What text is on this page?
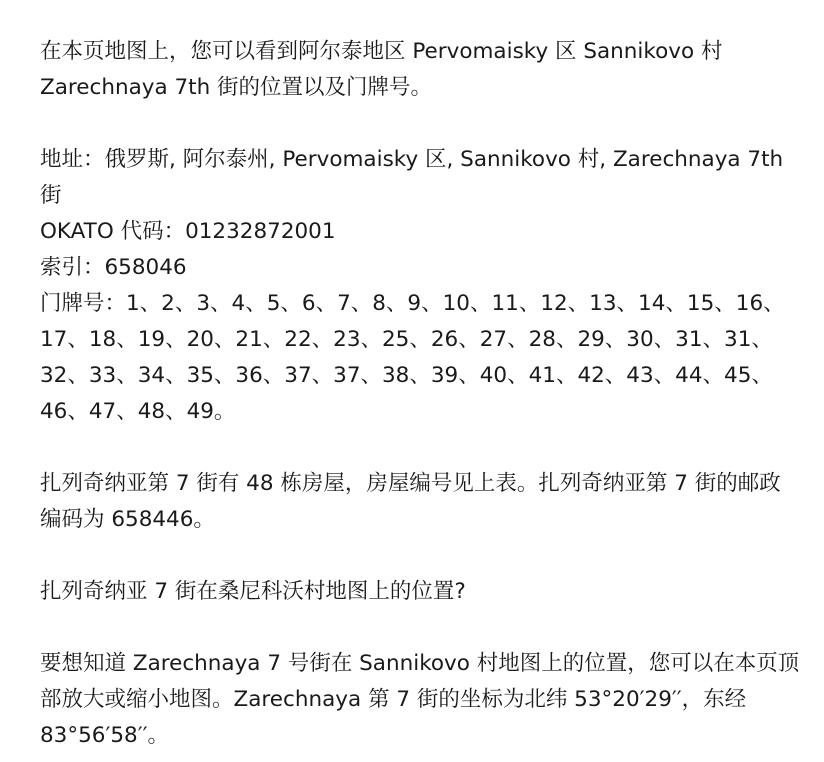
在本页地图上，您可以看到阿尔泰地区 Pervomaisky 区 Sannikovo 村 Zarechnaya 7th 街的位置以及门牌号。

地址：俄罗斯, 阿尔泰州, Pervomaisky 区, Sannikovo 村, Zarechnaya 7th 街
OKATO 代码：01232872001
索引：658046
门牌号：1、2、3、4、5、6、7、8、9、10、11、12、13、14、15、16、17、18、19、20、21、22、23、25、26、27、28、29、30、31、31、32、33、34、35、36、37、37、38、39、40、41、42、43、44、45、46、47、48、49。

扎列奇纳亚第 7 街有 48 栋房屋，房屋编号见上表。扎列奇纳亚第 7 街的邮政编码为 658446。

扎列奇纳亚 7 街在桑尼科沃村地图上的位置?

要想知道 Zarechnaya 7 号街在 Sannikovo 村地图上的位置，您可以在本页顶部放大或缩小地图。Zarechnaya 第 7 街的坐标为北纬 53°20′29′′，东经 83°56′58′′。
